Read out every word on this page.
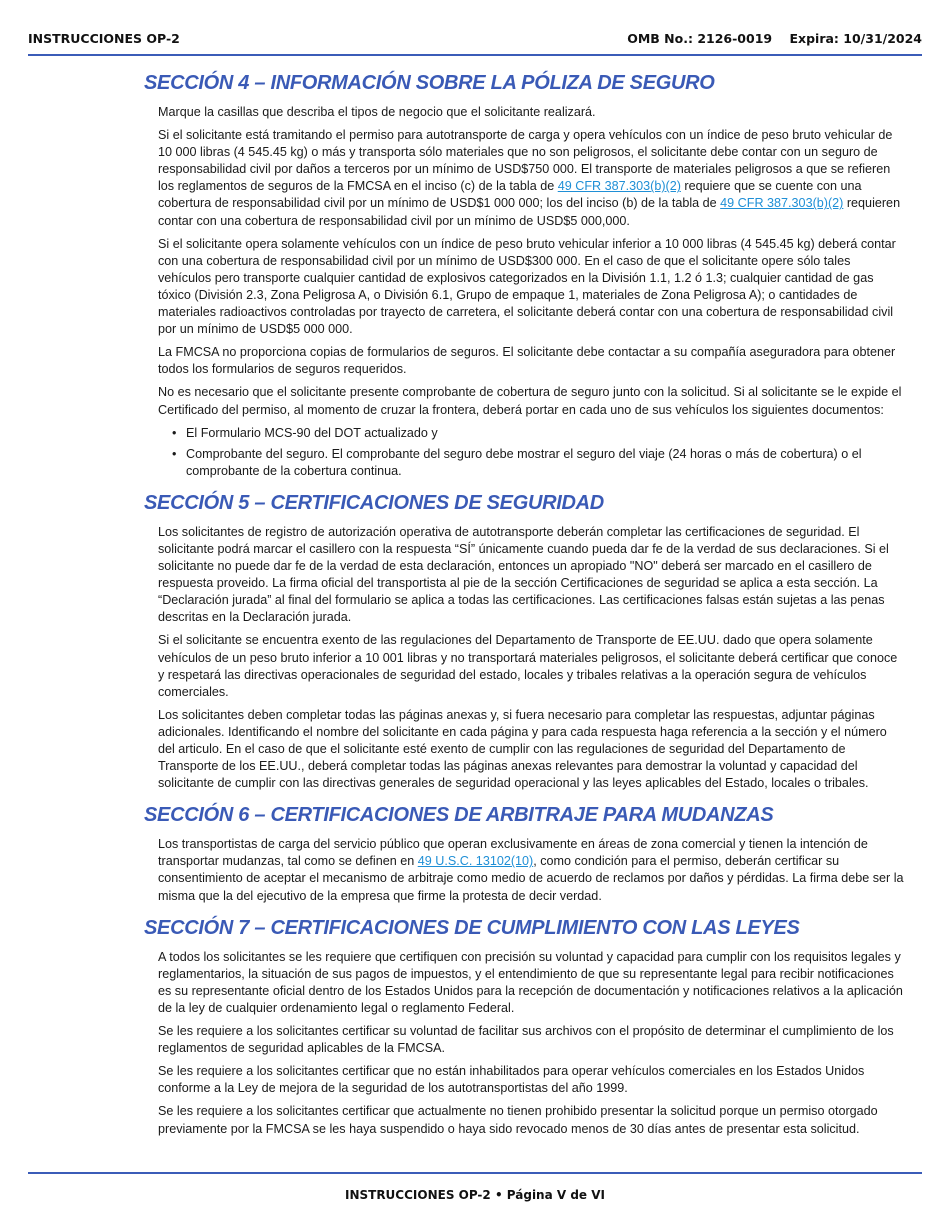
INSTRUCCIONES OP-2	OMB No.: 2126-0019    Expira: 10/31/2024
SECCIÓN 4 – INFORMACIÓN SOBRE LA PÓLIZA DE SEGURO

Marque la casillas que describa el tipos de negocio que el solicitante realizará.

Si el solicitante está tramitando el permiso para autotransporte de carga y opera vehículos con un índice de peso bruto vehicular de 10 000 libras (4 545.45 kg) o más y transporta sólo materiales que no son peligrosos, el solicitante debe contar con un seguro de responsabilidad civil por daños a terceros por un mínimo de USD$750 000. El transporte de materiales peligrosos a que se refieren los reglamentos de seguros de la FMCSA en el inciso (c) de la tabla de 49 CFR 387.303(b)(2) requiere que se cuente con una cobertura de responsabilidad civil por un mínimo de USD$1 000 000; los del inciso (b) de la tabla de 49 CFR 387.303(b)(2) requieren contar con una cobertura de responsabilidad civil por un mínimo de USD$5 000,000.

Si el solicitante opera solamente vehículos con un índice de peso bruto vehicular inferior a 10 000 libras (4 545.45 kg) deberá contar con una cobertura de responsabilidad civil por un mínimo de USD$300 000. En el caso de que el solicitante opere sólo tales vehículos pero transporte cualquier cantidad de explosivos categorizados en la División 1.1, 1.2 ó 1.3; cualquier cantidad de gas tóxico (División 2.3, Zona Peligrosa A, o División 6.1, Grupo de empaque 1, materiales de Zona Peligrosa A); o cantidades de materiales radioactivos controladas por trayecto de carretera, el solicitante deberá contar con una cobertura de responsabilidad civil por un mínimo de USD$5 000 000.

La FMCSA no proporciona copias de formularios de seguros. El solicitante debe contactar a su compañía aseguradora para obtener todos los formularios de seguros requeridos.

No es necesario que el solicitante presente comprobante de cobertura de seguro junto con la solicitud. Si al solicitante se le expide el Certificado del permiso, al momento de cruzar la frontera, deberá portar en cada uno de sus vehículos los siguientes documentos:

• El Formulario MCS-90 del DOT actualizado y
• Comprobante del seguro. El comprobante del seguro debe mostrar el seguro del viaje (24 horas o más de cobertura) o el comprobante de la cobertura continua.
SECCIÓN 5 – CERTIFICACIONES DE SEGURIDAD

Los solicitantes de registro de autorización operativa de autotransporte deberán completar las certificaciones de seguridad. El solicitante podrá marcar el casillero con la respuesta “SÍ” únicamente cuando pueda dar fe de la verdad de sus declaraciones. Si el solicitante no puede dar fe de la verdad de esta declaración, entonces un apropiado "NO" deberá ser marcado en el casillero de respuesta proveido. La firma oficial del transportista al pie de la sección Certificaciones de seguridad se aplica a esta sección. La “Declaración jurada” al final del formulario se aplica a todas las certificaciones. Las certificaciones falsas están sujetas a las penas descritas en la Declaración jurada.

Si el solicitante se encuentra exento de las regulaciones del Departamento de Transporte de EE.UU. dado que opera solamente vehículos de un peso bruto inferior a 10 001 libras y no transportará materiales peligrosos, el solicitante deberá certificar que conoce y respetará las directivas operacionales de seguridad del estado, locales y tribales relativas a la operación segura de vehículos comerciales.

Los solicitantes deben completar todas las páginas anexas y, si fuera necesario para completar las respuestas, adjuntar páginas adicionales. Identificando el nombre del solicitante en cada página y para cada respuesta haga referencia a la sección y el número del articulo. En el caso de que el solicitante esté exento de cumplir con las regulaciones de seguridad del Departamento de Transporte de los EE.UU., deberá completar todas las páginas anexas relevantes para demostrar la voluntad y capacidad del solicitante de cumplir con las directivas generales de seguridad operacional y las leyes aplicables del Estado, locales o tribales.

SECCIÓN 6 – CERTIFICACIONES DE ARBITRAJE PARA MUDANZAS

Los transportistas de carga del servicio público que operan exclusivamente en áreas de zona comercial y tienen la intención de transportar mudanzas, tal como se definen en 49 U.S.C. 13102(10), como condición para el permiso, deberán certificar su consentimiento de aceptar el mecanismo de arbitraje como medio de acuerdo de reclamos por daños y pérdidas. La firma debe ser la misma que la del ejecutivo de la empresa que firme la protesta de decir verdad.

SECCIÓN 7 – CERTIFICACIONES DE CUMPLIMIENTO CON LAS LEYES

A todos los solicitantes se les requiere que certifiquen con precisión su voluntad y capacidad para cumplir con los requisitos legales y reglamentarios, la situación de sus pagos de impuestos, y el entendimiento de que su representante legal para recibir notificaciones es su representante oficial dentro de los Estados Unidos para la recepción de documentación y notificaciones relativos a la aplicación de la ley de cualquier ordenamiento legal o reglamento Federal.

Se les requiere a los solicitantes certificar su voluntad de facilitar sus archivos con el propósito de determinar el cumplimiento de los reglamentos de seguridad aplicables de la FMCSA.

Se les requiere a los solicitantes certificar que no están inhabilitados para operar vehículos comerciales en los Estados Unidos conforme a la Ley de mejora de la seguridad de los autotransportistas del año 1999.

Se les requiere a los solicitantes certificar que actualmente no tienen prohibido presentar la solicitud porque un permiso otorgado previamente por la FMCSA se les haya suspendido o haya sido revocado menos de 30 días antes de presentar esta solicitud.

INSTRUCCIONES OP-2 • Página V de VI
